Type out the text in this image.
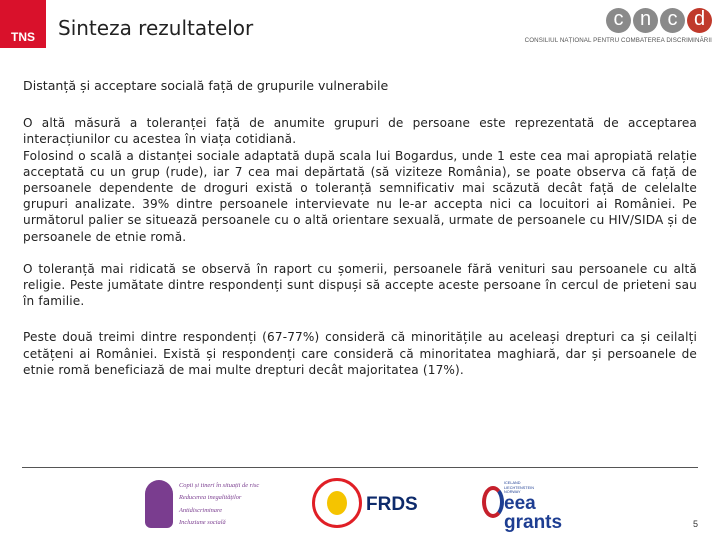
TNS Sinteza rezultatelor	c n c d
CONSILIUL NAȚIONAL PENTRU COMBATEREA DISCRIMINĂRII

Distanță și acceptare socială față de grupurile vulnerabile

O altă măsură a toleranței față de anumite grupuri de persoane este reprezentată de acceptarea interacțiunilor cu acestea în viața cotidiană.

Folosind o scală a distanței sociale adaptată după scala lui Bogardus, unde 1 este cea mai apropiată relație acceptată cu un grup (rude), iar 7 cea mai depărtată (să viziteze România), se poate observa că față de persoanele dependente de droguri există o toleranță semnificativ mai scăzută decât față de celelalte grupuri analizate. 39% dintre persoanele intervievate nu le-ar accepta nici ca locuitori ai României. Pe următorul palier se situează persoanele cu o altă orientare sexuală, urmate de persoanele cu HIV/SIDA și de persoanele de etnie romă.

O toleranță mai ridicată se observă în raport cu șomerii, persoanele fără venituri sau persoanele cu altă religie. Peste jumătate dintre respondenți sunt dispuși să accepte aceste persoane în cercul de prieteni sau în familie.

Peste două treimi dintre respondenți (67-77%) consideră că minoritățile au aceleași drepturi ca și ceilalți cetățeni ai României. Există și respondenți care consideră că minoritatea maghiară, dar și persoanele de etnie romă beneficiază de mai multe drepturi decât majoritatea (17%).

Copii și tineri în situații de risc
Reducerea inegalităților
Antidiscriminare
Incluziune socială
FRDS
ICELAND
LIECHTENSTEIN
NORWAY
eea
grants	5
